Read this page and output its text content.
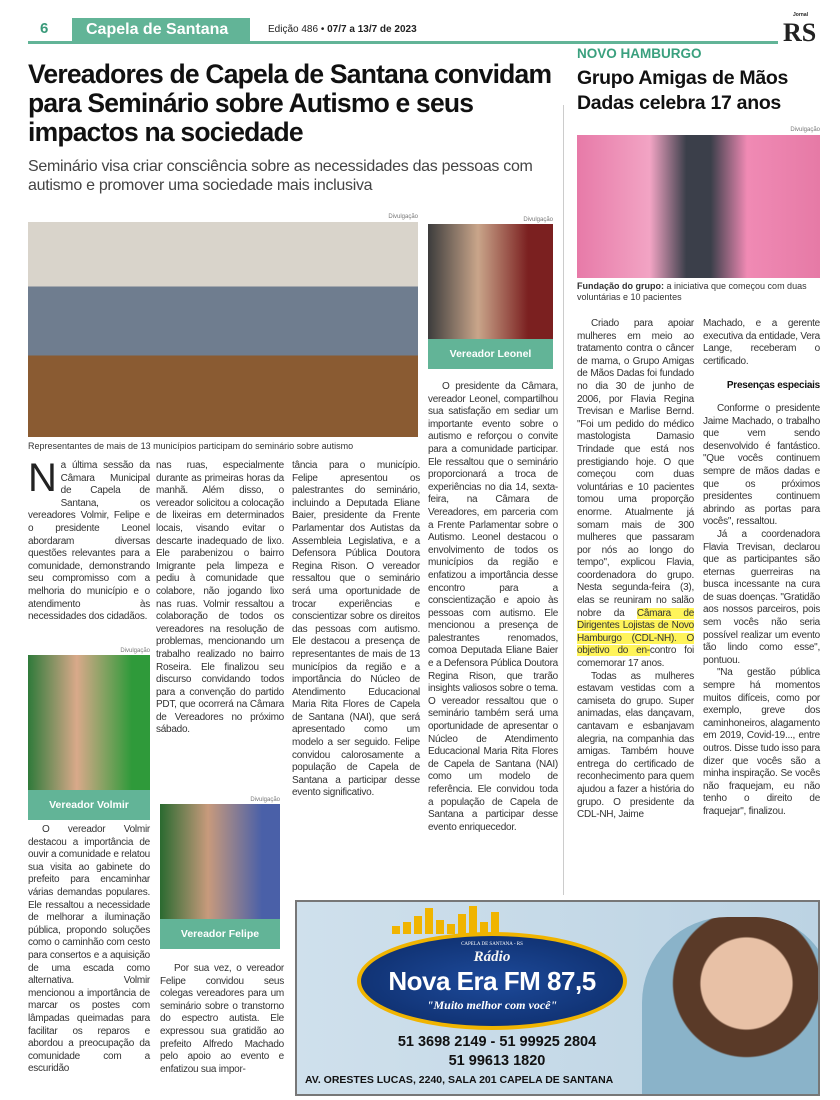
6	Capela de Santana	Edição 486 • 07/7 a 13/7 de 2023
Jornal
RS
Vereadores de Capela de Santana convidam para Seminário sobre Autismo e seus impactos na sociedade
Seminário visa criar consciência sobre as necessidades das pessoas com autismo e promover uma sociedade mais inclusiva
Divulgação
Representantes de mais de 13 municípios participam do seminário sobre autismo

Na última sessão da Câmara Municipal de Capela de Santana, os vereadores Volmir, Felipe e o presidente Leonel abordaram diversas questões relevantes para a comunidade, demonstrando seu compromisso com a melhoria do município e o atendimento às necessidades dos cidadãos.

Divulgação
Vereador Volmir

O vereador Volmir destacou a importância de ouvir a comunidade e relatou sua visita ao gabinete do prefeito para encaminhar várias demandas populares. Ele ressaltou a necessidade de melhorar a iluminação pública, propondo soluções como o caminhão com cesto para consertos e a aquisição de uma escada como alternativa. Volmir mencionou a importância de marcar os postes com lâmpadas queimadas para facilitar os reparos e abordou a preocupação da comunidade com a escuridão

nas ruas, especialmente durante as primeiras horas da manhã. Além disso, o vereador solicitou a colocação de lixeiras em determinados locais, visando evitar o descarte inadequado de lixo. Ele parabenizou o bairro Imigrante pela limpeza e pediu à comunidade que colabore, não jogando lixo nas ruas. Volmir ressaltou a colaboração de todos os vereadores na resolução de problemas, mencionando um trabalho realizado no bairro Roseira. Ele finalizou seu discurso convidando todos para a convenção do partido PDT, que ocorrerá na Câmara de Vereadores no próximo sábado.

Divulgação
Vereador Felipe

Por sua vez, o vereador Felipe convidou seus colegas vereadores para um seminário sobre o transtorno do espectro autista. Ele expressou sua gratidão ao prefeito Alfredo Machado pelo apoio ao evento e enfatizou sua impor-

tância para o município. Felipe apresentou os palestrantes do seminário, incluindo a Deputada Eliane Baier, presidente da Frente Parlamentar dos Autistas da Assembleia Legislativa, e a Defensora Pública Doutora Regina Rison. O vereador ressaltou que o seminário será uma oportunidade de trocar experiências e conscientizar sobre os direitos das pessoas com autismo. Ele destacou a presença de representantes de mais de 13 municípios da região e a importância do Núcleo de Atendimento Educacional Maria Rita Flores de Capela de Santana (NAI), que será apresentado como um modelo a ser seguido. Felipe convidou calorosamente a população de Capela de Santana a participar desse evento significativo.

Divulgação
Vereador Leonel

O presidente da Câmara, vereador Leonel, compartilhou sua satisfação em sediar um importante evento sobre o autismo e reforçou o convite para a comunidade participar. Ele ressaltou que o seminário proporcionará a troca de experiências no dia 14, sexta-feira, na Câmara de Vereadores, em parceria com a Frente Parlamentar sobre o Autismo. Leonel destacou o envolvimento de todos os municípios da região e enfatizou a importância desse encontro para a conscientização e apoio às pessoas com autismo. Ele mencionou a presença de palestrantes renomados, comoa Deputada Eliane Baier e a Defensora Pública Doutora Regina Rison, que trarão insights valiosos sobre o tema. O vereador ressaltou que o seminário também será uma oportunidade de apresentar o Núcleo de Atendimento Educacional Maria Rita Flores de Capela de Santana (NAI) como um modelo de referência. Ele convidou toda a população de Capela de Santana a participar desse evento enriquecedor.

NOVO HAMBURGO
Grupo Amigas de Mãos Dadas celebra 17 anos
Divulgação
Fundação do grupo: a iniciativa que começou com duas voluntárias e 10 pacientes

Criado para apoiar mulheres em meio ao tratamento contra o câncer de mama, o Grupo Amigas de Mãos Dadas foi fundado no dia 30 de junho de 2006, por Flavia Regina Trevisan e Marlise Bernd. "Foi um pedido do médico mastologista Damasio Trindade que está nos prestigiando hoje. O que começou com duas voluntárias e 10 pacientes tomou uma proporção enorme. Atualmente já somam mais de 300 mulheres que passaram por nós ao longo do tempo", explicou Flavia, coordenadora do grupo. Nesta segunda-feira (3), elas se reuniram no salão nobre da Câmara de Dirigentes Lojistas de Novo Hamburgo (CDL-NH). O objetivo do en-contro foi comemorar 17 anos.

Todas as mulheres estavam vestidas com a camiseta do grupo. Super animadas, elas dançavam, cantavam e esbanjavam alegria, na companhia das amigas. Também houve entrega do certificado de reconhecimento para quem ajudou a fazer a história do grupo. O presidente da CDL-NH, Jaime

Machado, e a gerente executiva da entidade, Vera Lange, receberam o certificado.

Presenças especiais

Conforme o presidente Jaime Machado, o trabalho que vem sendo desenvolvido é fantástico. "Que vocês continuem sempre de mãos dadas e que os próximos presidentes continuem abrindo as portas para vocês", ressaltou.

Já a coordenadora Flavia Trevisan, declarou que as participantes são eternas guerreiras na busca incessante na cura de suas doenças. "Gratidão aos nossos parceiros, pois sem vocês não seria possível realizar um evento tão lindo como esse", pontuou.

"Na gestão pública sempre há momentos muitos difíceis, como por exemplo, greve dos caminhoneiros, alagamento em 2019, Covid-19..., entre outros. Disse tudo isso para dizer que vocês são a minha inspiração. Se vocês não fraquejam, eu não tenho o direito de fraquejar", finalizou.

CAPELA DE SANTANA - RS
Rádio
Nova Era FM 87,5
"Muito melhor com você"
51 3698 2149 - 51 99925 2804
51 99613 1820
AV. ORESTES LUCAS, 2240, SALA 201 CAPELA DE SANTANA
